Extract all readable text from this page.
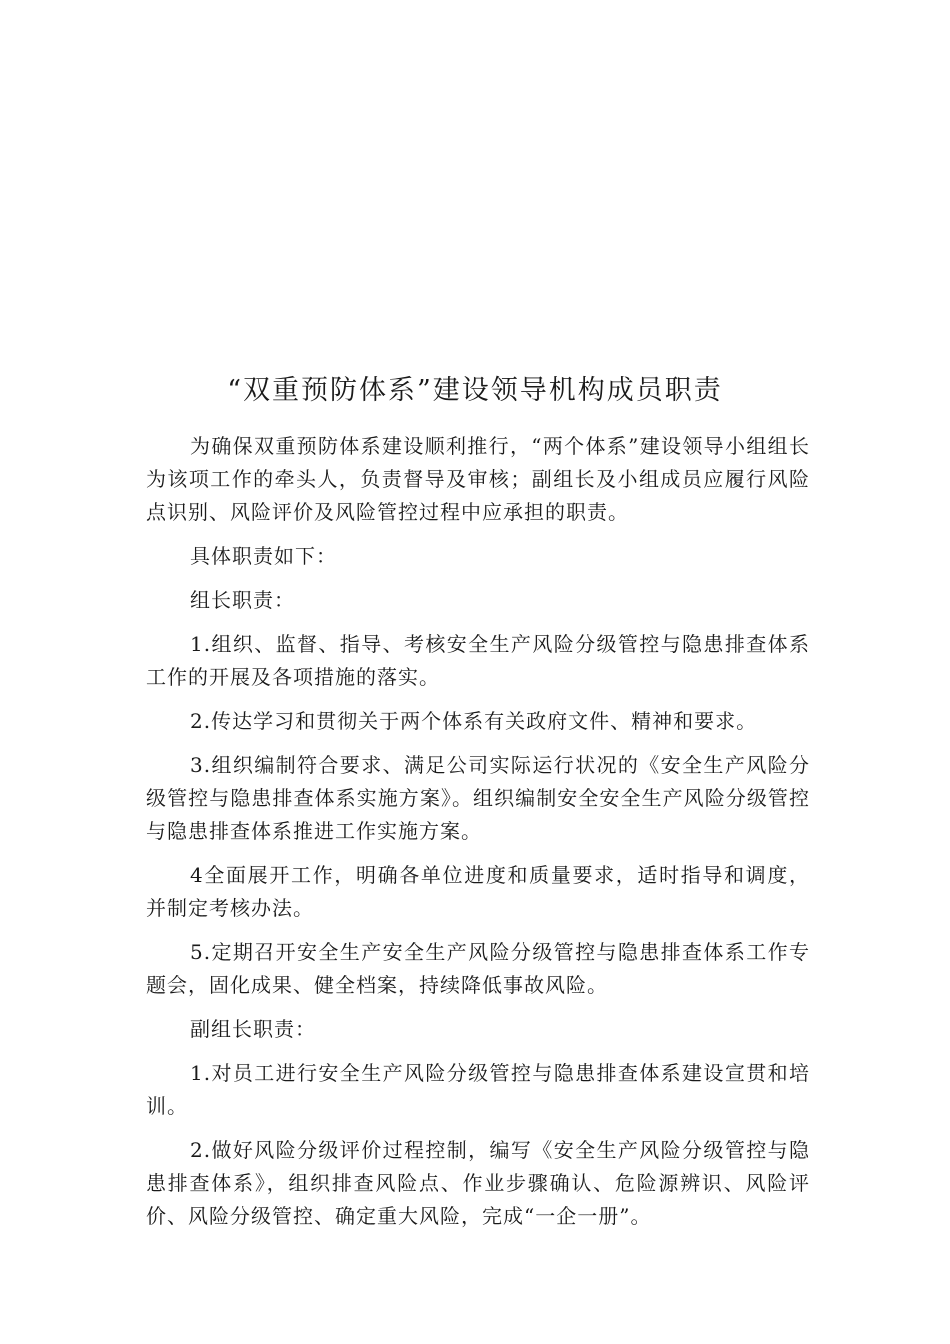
“双重预防体系”建设领导机构成员职责

为确保双重预防体系建设顺利推行，“两个体系”建设领导小组组长为该项工作的牵头人，负责督导及审核；副组长及小组成员应履行风险点识别、风险评价及风险管控过程中应承担的职责。

具体职责如下：

组长职责：

1.组织、监督、指导、考核安全生产风险分级管控与隐患排查体系工作的开展及各项措施的落实。

2.传达学习和贯彻关于两个体系有关政府文件、精神和要求。

3.组织编制符合要求、满足公司实际运行状况的《安全生产风险分级管控与隐患排查体系实施方案》。组织编制安全安全生产风险分级管控与隐患排查体系推进工作实施方案。

4全面展开工作，明确各单位进度和质量要求，适时指导和调度，并制定考核办法。

5.定期召开安全生产安全生产风险分级管控与隐患排查体系工作专题会，固化成果、健全档案，持续降低事故风险。

副组长职责：

1.对员工进行安全生产风险分级管控与隐患排查体系建设宣贯和培训。

2.做好风险分级评价过程控制，编写《安全生产风险分级管控与隐患排查体系》，组织排查风险点、作业步骤确认、危险源辨识、风险评价、风险分级管控、确定重大风险，完成“一企一册”。
